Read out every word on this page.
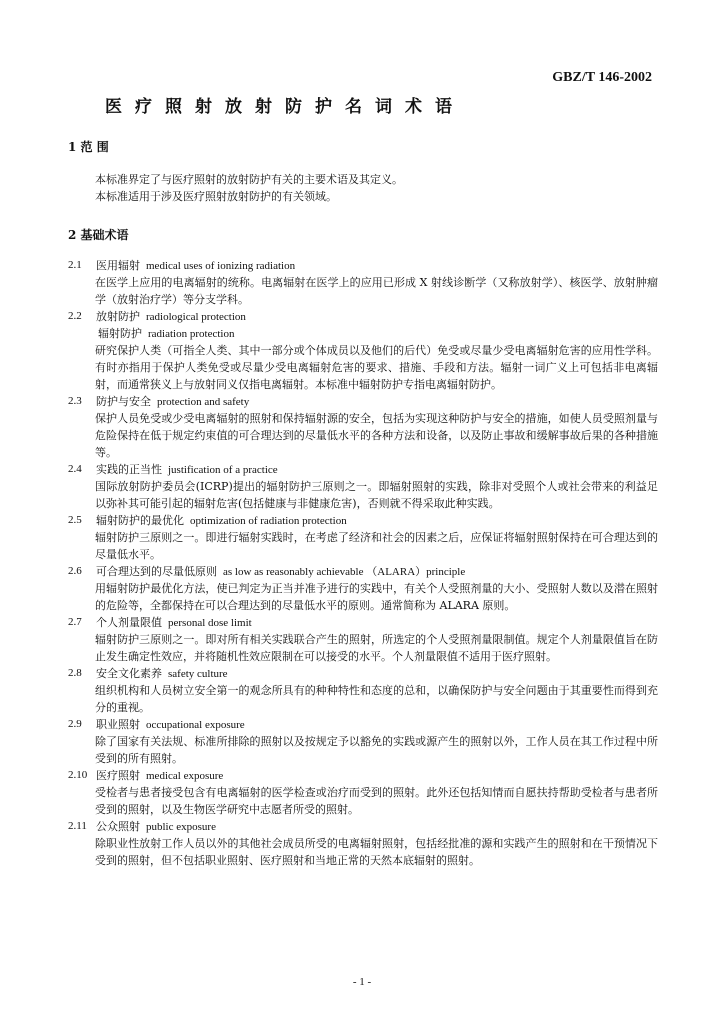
GBZ/T 146-2002
医疗照射放射防护名词术语
1 范 围
本标准界定了与医疗照射的放射防护有关的主要术语及其定义。
本标准适用于涉及医疗照射放射防护的有关领域。
2 基础术语
2.1 医用辐射 medical uses of ionizing radiation
在医学上应用的电离辐射的统称。电离辐射在医学上的应用已形成 X 射线诊断学（又称放射学）、核医学、放射肿瘤学（放射治疗学）等分支学科。
2.2 放射防护 radiological protection
辐射防护 radiation protection
研究保护人类（可指全人类、其中一部分或个体成员以及他们的后代）免受或尽量少受电离辐射危害的应用性学科。有时亦指用于保护人类免受或尽量少受电离辐射危害的要求、措施、手段和方法。辐射一词广义上可包括非电离辐射，而通常狭义上与放射同义仅指电离辐射。本标准中辐射防护专指电离辐射防护。
2.3 防护与安全 protection and safety
保护人员免受或少受电离辐射的照射和保持辐射源的安全，包括为实现这种防护与安全的措施，如使人员受照剂量与危险保持在低于规定约束值的可合理达到的尽量低水平的各种方法和设备，以及防止事故和缓解事故后果的各种措施等。
2.4 实践的正当性 justification of a practice
国际放射防护委员会(ICRP)提出的辐射防护三原则之一。即辐射照射的实践，除非对受照个人或社会带来的利益足以弥补其可能引起的辐射危害(包括健康与非健康危害)，否则就不得采取此种实践。
2.5 辐射防护的最优化 optimization of radiation protection
辐射防护三原则之一。即进行辐射实践时，在考虑了经济和社会的因素之后，应保证将辐射照射保持在可合理达到的尽量低水平。
2.6 可合理达到的尽量低原则 as low as reasonably achievable （ALARA）principle
用辐射防护最优化方法，使已判定为正当并准予进行的实践中，有关个人受照剂量的大小、受照射人数以及潜在照射的危险等，全都保持在可以合理达到的尽量低水平的原则。通常简称为 ALARA 原则。
2.7 个人剂量限值 personal dose limit
辐射防护三原则之一。即对所有相关实践联合产生的照射，所选定的个人受照剂量限制值。规定个人剂量限值旨在防止发生确定性效应，并将随机性效应限制在可以接受的水平。个人剂量限值不适用于医疗照射。
2.8 安全文化素养 safety culture
组织机构和人员树立安全第一的观念所具有的种种特性和态度的总和，以确保防护与安全问题由于其重要性而得到充分的重视。
2.9 职业照射 occupational exposure
除了国家有关法规、标准所排除的照射以及按规定予以豁免的实践或源产生的照射以外，工作人员在其工作过程中所受到的所有照射。
2.10 医疗照射 medical exposure
受检者与患者接受包含有电离辐射的医学检查或治疗而受到的照射。此外还包括知情而自愿扶持帮助受检者与患者所受到的照射，以及生物医学研究中志愿者所受的照射。
2.11 公众照射 public exposure
除职业性放射工作人员以外的其他社会成员所受的电离辐射照射，包括经批准的源和实践产生的照射和在干预情况下受到的照射，但不包括职业照射、医疗照射和当地正常的天然本底辐射的照射。
- 1 -
